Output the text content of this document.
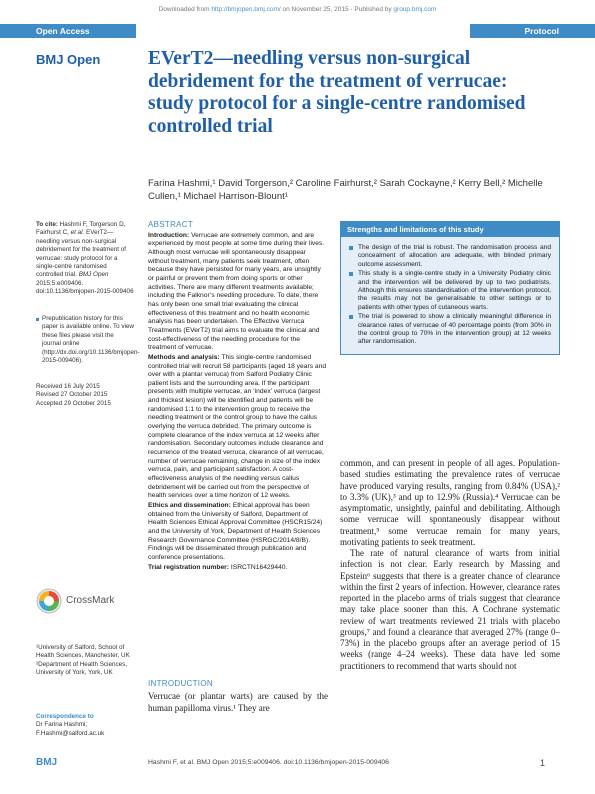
Downloaded from http://bmjopen.bmj.com/ on November 25, 2015 - Published by group.bmj.com
Open Access	Protocol
BMJ Open EVerT2—needling versus non-surgical debridement for the treatment of verrucae: study protocol for a single-centre randomised controlled trial
Farina Hashmi,¹ David Torgerson,² Caroline Fairhurst,² Sarah Cockayne,² Kerry Bell,² Michelle Cullen,¹ Michael Harrison-Blount¹
To cite: Hashmi F, Torgerson D, Fairhurst C, et al. EVerT2—needling versus non-surgical debridement for the treatment of verrucae: study protocol for a single-centre randomised controlled trial. BMJ Open 2015;5:e009406. doi:10.1136/bmjopen-2015-009406
Prepublication history for this paper is available online. To view these files please visit the journal online (http://dx.doi.org/10.1136/bmjopen-2015-009406).
Received 16 July 2015
Revised 27 October 2015
Accepted 29 October 2015
CrossMark
¹University of Salford, School of Health Sciences, Manchester, UK
²Department of Health Sciences, University of York, York, UK
Correspondence to
Dr Farina Hashmi;
F.Hashmi@salford.ac.uk
ABSTRACT

Introduction: Verrucae are extremely common, and are experienced by most people at some time during their lives. Although most verrucae will spontaneously disappear without treatment, many patients seek treatment, often because they have persisted for many years, are unsightly or painful or prevent them from doing sports or other activities. There are many different treatments available; including the Falknor’s needling procedure. To date, there has only been one small trial evaluating the clinical effectiveness of this treatment and no health economic analysis has been undertaken. The Effective Verruca Treatments (EVerT2) trial aims to evaluate the clinical and cost-effectiveness of the needling procedure for the treatment of verrucae.

Methods and analysis: This single-centre randomised controlled trial will recruit 58 participants (aged 18 years and over with a plantar verruca) from Salford Podiatry Clinic patient lists and the surrounding area. If the participant presents with multiple verrucae, an ‘index’ verruca (largest and thickest lesion) will be identified and patients will be randomised 1:1 to the intervention group to receive the needling treatment or the control group to have the callus overlying the verruca debrided. The primary outcome is complete clearance of the index verruca at 12 weeks after randomisation. Secondary outcomes include clearance and recurrence of the treated verruca, clearance of all verrucae, number of verrucae remaining, change in size of the index verruca, pain, and participant satisfaction. A cost-effectiveness analysis of the needling versus callus debridement will be carried out from the perspective of health services over a time horizon of 12 weeks.

Ethics and dissemination: Ethical approval has been obtained from the University of Salford, Department of Health Sciences Ethical Approval Committee (HSCR15/24) and the University of York, Department of Health Sciences Research Governance Committee (HSRGC/2014/8/B). Findings will be disseminated through publication and conference presentations.

Trial registration number: ISRCTN16429440.

Strengths and limitations of this study
The design of the trial is robust. The randomisation process and concealment of allocation are adequate, with blinded primary outcome assessment.
This study is a single-centre study in a University Podiatry clinic and the intervention will be delivered by up to two podiatrists. Although this ensures standardisation of the intervention protocol, the results may not be generalisable to other settings or to patients with other types of cutaneous warts.
The trial is powered to show a clinically meaningful difference in clearance rates of verrucae of 40 percentage points (from 30% in the control group to 70% in the intervention group) at 12 weeks after randomisation.

common, and can present in people of all ages. Population-based studies estimating the prevalence rates of verrucae have produced varying results, ranging from 0.84% (USA),² to 3.3% (UK),³ and up to 12.9% (Russia).⁴ Verrucae can be asymptomatic, unsightly, painful and debilitating. Although some verrucae will spontaneously disappear without treatment,⁵ some verrucae remain for many years, motivating patients to seek treatment.

The rate of natural clearance of warts from initial infection is not clear. Early research by Massing and Epstein⁶ suggests that there is a greater chance of clearance within the first 2 years of infection. However, clearance rates reported in the placebo arms of trials suggest that clearance may take place sooner than this. A Cochrane systematic review of wart treatments reviewed 21 trials with placebo groups,⁷ and found a clearance that averaged 27% (range 0–73%) in the placebo groups after an average period of 15 weeks (range 4–24 weeks). These data have led some practitioners to recommend that warts should not

INTRODUCTION

Verrucae (or plantar warts) are caused by the human papilloma virus.¹ They are

BMJ	Hashmi F, et al. BMJ Open 2015;5:e009406. doi:10.1136/bmjopen-2015-009406	1
